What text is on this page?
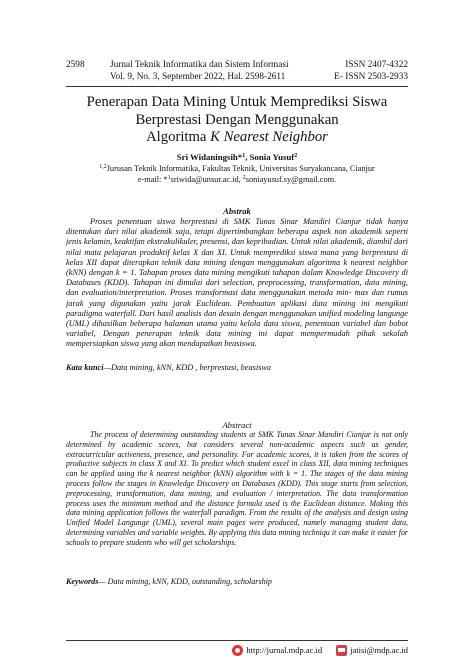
2598	Jurnal Teknik Informatika dan Sistem Informasi
Vol. 9, No. 3, September 2022, Hal. 2598-2611
ISSN 2407-4322
E- ISSN 2503-2933
Penerapan Data Mining Untuk Memprediksi Siswa
Berprestasi Dengan Menggunakan
Algoritma K Nearest Neighbor
Sri Widaningsih*$^1$, Sonia Yusuf$^2$
$^{1,2}$Jurusan Teknik Informatika, Fakultas Teknik, Universitas Suryakancana, Cianjur
e-mail: *$^1$sriwida@unsur.ac.id, $^2$soniayusuf.sy@gmail.com.
Abstrak
Proses penentuan siswa berprestasi di SMK Tunas Sinar Mandiri Cianjur tidak hanya ditentukan dari nilai akademik saja, tetapi dipertimbangkan beberapa aspek non akademik seperti jenis kelamin, keaktifan ekstrakulikuler, presensi, dan kepribadian. Untuk nilai akademik, diambil dari nilai mata pelajaran produktif kelas X dan XI. Untuk memprediksi siswa mana yang berprestasi di kelas XII dapat diterapkan teknik data mining dengan menggunakan algoritma k nearest neighbor (kNN) dengan k = 1. Tahapan proses data mining mengikuti tahapan dalam Knowledge Discovery di Databases (KDD). Tahapan ini dimulai dari selection, preprocessing, transformation, data mining, dan evaluation/interpretation. Proses transformasi data menggunakan metoda min- max dan rumus jarak yang digunakan yaitu jarak Euclidean. Pembuatan aplikasi data mining ini mengikuti paradigma waterfall. Dari hasil analisis dan desain dengan menggunakan unified modeling langunge (UML) dihasilkan beberapa halaman utama yaitu kelola data siswa, penentuan variabel dan bobot variabel, Dengan penerapan teknik data mining ini dapat mempermudah pihak sekolah mempersiapkan siswa yang akan mendapatkan beasiswa.
Kata kunci—Data mining, kNN, KDD , berprestasi, beasiswa
Abstract
The process of determining outstanding students at SMK Tunas Sinar Mandiri Cianjur is not only determined by academic scores, but considers several non-academic aspects such as gender, extracurricular activeness, presence, and personality. For academic scores, it is taken from the scores of productive subjects in class X and XI. To predict which student excel in class XII, data mining techniques can be applied using the k nearest neighbor (kNN) algorithm with k = 1. The stages of the data mining process follow the stages in Knowledge Discovery on Databases (KDD). This stage starts from selection, preprocessing, transformation, data mining, and evaluation / interpretation. The data transformation process uses the minimum method and the distance formula used is the Euclidean distance. Making this data mining application follows the waterfall paradigm. From the results of the analysis and design using Unified Model Langunge (UML), several main pages were produced, namely managing student data, determining variables and variable weights. By applying this data mining techniqu it can make it easier for schools to prepare students who will get scholarships.
Keywords— Data mining, kNN, KDD, outstanding, scholarship
http://jurnal.mdp.ac.id	jatisi@mdp.ac.id
